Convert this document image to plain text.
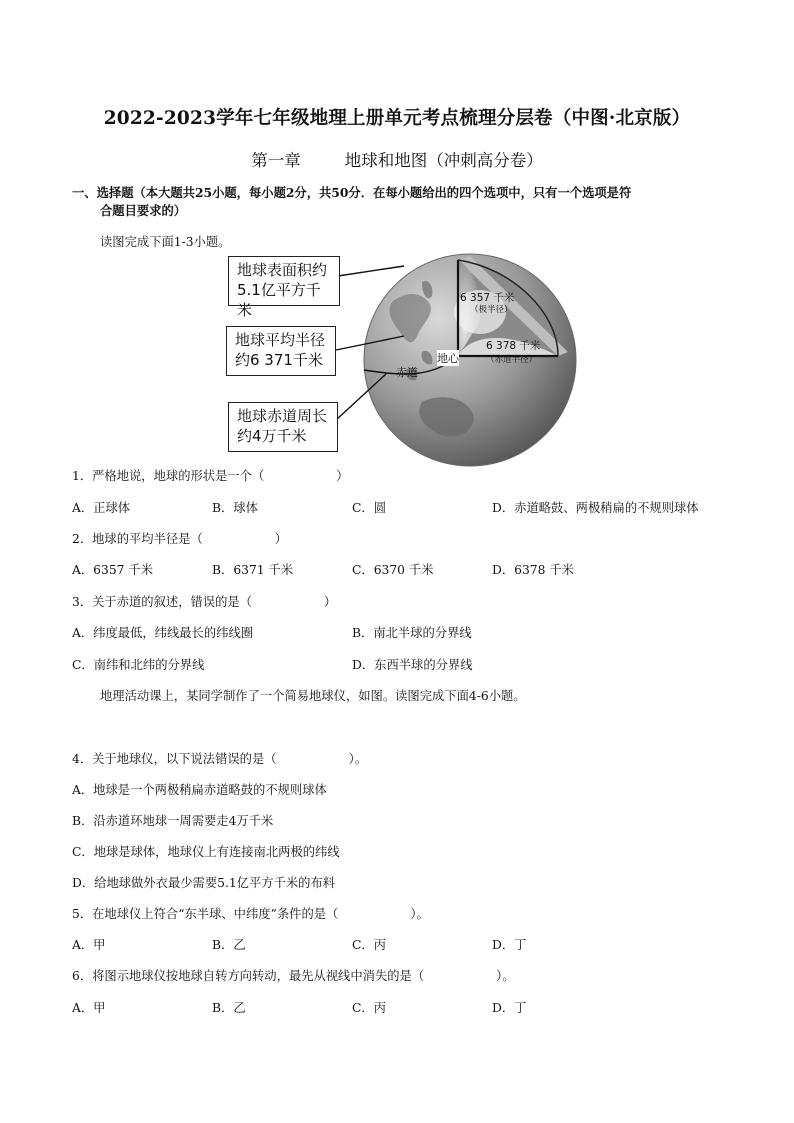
2022-2023学年七年级地理上册单元考点梳理分层卷（中图·北京版）
第一章	地球和地图（冲刺高分卷）
一、选择题（本大题共25小题，每小题2分，共50分．在每小题给出的四个选项中，只有一个选项是符
合题目要求的）
读图完成下面1-3小题。
6 357 千米
（极半径）
6 378 千米
（赤道半径）
地心
赤道
地球表面积约
5.1亿平方千米
地球平均半径
约6 371千米
地球赤道周长
约4万千米
1．严格地说，地球的形状是一个（	）
A．正球体	B．球体	C．圆	D．赤道略鼓、两极稍扁的不规则球体
2．地球的平均半径是（	）
A．6357 千米	B．6371 千米	C．6370 千米	D．6378 千米
3．关于赤道的叙述，错误的是（	）
A．纬度最低，纬线最长的纬线圈	B．南北半球的分界线
C．南纬和北纬的分界线	D．东西半球的分界线
地理活动课上，某同学制作了一个简易地球仪，如图。读图完成下面4-6小题。
4．关于地球仪，以下说法错误的是（	）。
A．地球是一个两极稍扁赤道略鼓的不规则球体
B．沿赤道环地球一周需要走4万千米
C．地球是球体，地球仪上有连接南北两极的纬线
D．给地球做外衣最少需要5.1亿平方千米的布料
5．在地球仪上符合“东半球、中纬度”条件的是（	）。
A．甲	B．乙	C．丙	D．丁
6．将图示地球仪按地球自转方向转动，最先从视线中消失的是（	）。
A．甲	B．乙	C．丙	D．丁
